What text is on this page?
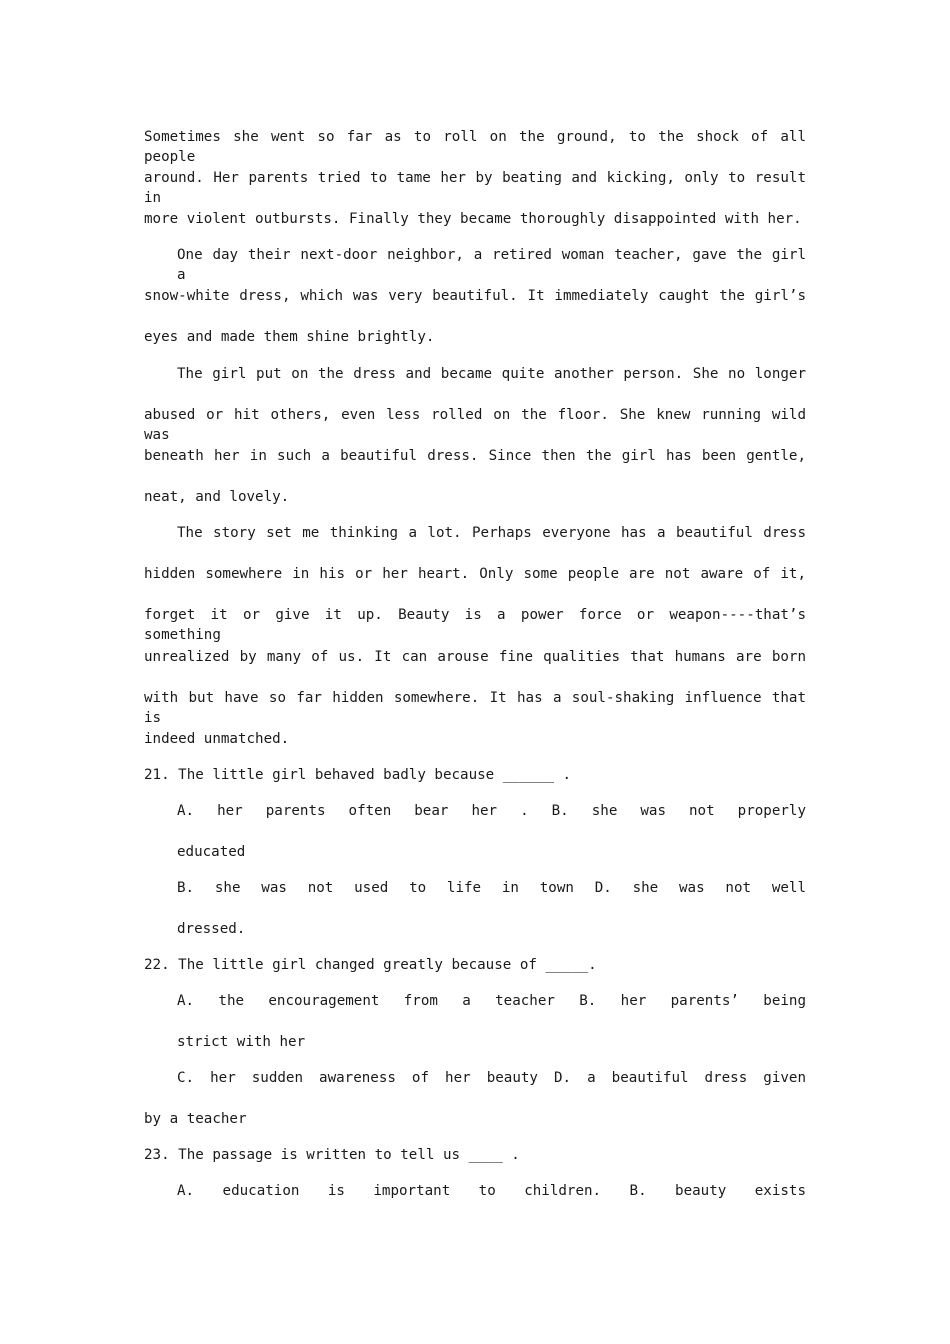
Sometimes she went so far as to roll on the ground, to the shock of all people
around. Her parents tried to tame her by beating and kicking, only to result in
more violent outbursts. Finally they became thoroughly disappointed with her.
One day their next-door neighbor, a retired woman teacher, gave the girl a
snow-white dress, which was very beautiful. It immediately caught the girl’s
eyes and made them shine brightly.
The girl put on the dress and became quite another person. She no longer
abused or hit others, even less rolled on the floor. She knew running wild was
beneath her in such a beautiful dress. Since then the girl has been gentle,
neat, and lovely.
The story set me thinking a lot. Perhaps everyone has a beautiful dress
hidden somewhere in his or her heart. Only some people are not aware of it,
forget it or give it up. Beauty is a power force or weapon----that’s something
unrealized by many of us. It can arouse fine qualities that humans are born
with but have so far hidden somewhere. It has a soul-shaking influence that is
indeed unmatched.
21. The little girl behaved badly because ______ .
A. her parents often bear her . B. she was not properly
educated
B. she was not used to life in town D. she was not well
dressed.
22. The little girl changed greatly because of _____.
A. the encouragement from a teacher B. her parents’ being
strict with her
C. her sudden awareness of her beauty D. a beautiful dress given
by a teacher
23. The passage is written to tell us ____ .
A. education is important to children. B. beauty exists
